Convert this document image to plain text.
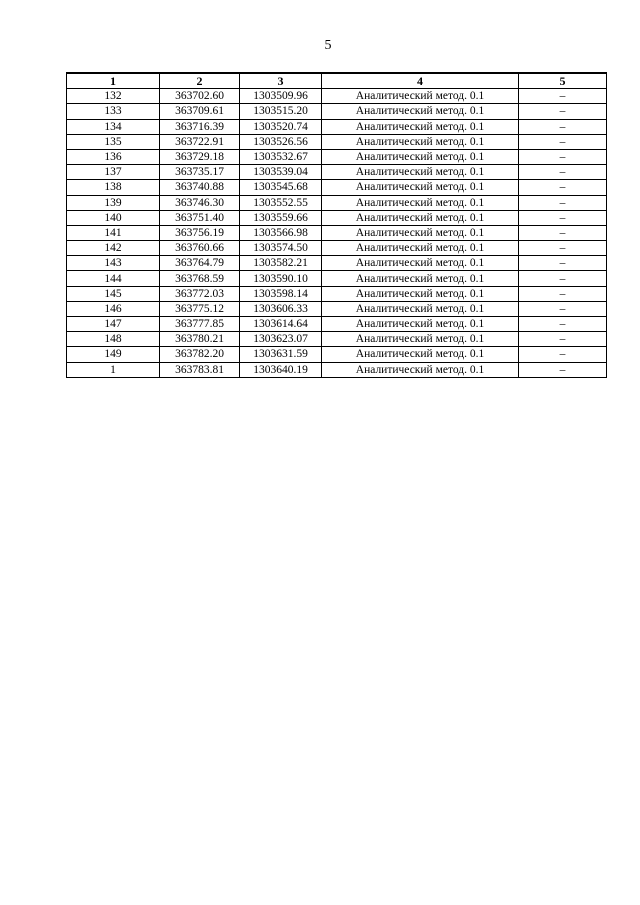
5
1	2	3	4	5
132	363702.60	1303509.96	Аналитический метод. 0.1	–
133	363709.61	1303515.20	Аналитический метод. 0.1	–
134	363716.39	1303520.74	Аналитический метод. 0.1	–
135	363722.91	1303526.56	Аналитический метод. 0.1	–
136	363729.18	1303532.67	Аналитический метод. 0.1	–
137	363735.17	1303539.04	Аналитический метод. 0.1	–
138	363740.88	1303545.68	Аналитический метод. 0.1	–
139	363746.30	1303552.55	Аналитический метод. 0.1	–
140	363751.40	1303559.66	Аналитический метод. 0.1	–
141	363756.19	1303566.98	Аналитический метод. 0.1	–
142	363760.66	1303574.50	Аналитический метод. 0.1	–
143	363764.79	1303582.21	Аналитический метод. 0.1	–
144	363768.59	1303590.10	Аналитический метод. 0.1	–
145	363772.03	1303598.14	Аналитический метод. 0.1	–
146	363775.12	1303606.33	Аналитический метод. 0.1	–
147	363777.85	1303614.64	Аналитический метод. 0.1	–
148	363780.21	1303623.07	Аналитический метод. 0.1	–
149	363782.20	1303631.59	Аналитический метод. 0.1	–
1	363783.81	1303640.19	Аналитический метод. 0.1	–
